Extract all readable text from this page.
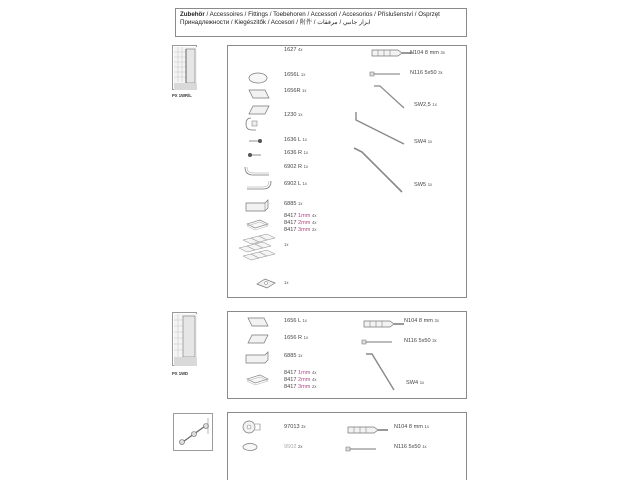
Zubehör / Accessoires / Fittings / Toebehoren / Accessori / Accesorios / Příslušenství / Osprzęt
Принадлежности / Kiegészitők / Accesori / 附件 / ابزار جانبي / مرفقات
PX 1WR/L
1627 4x
1656L 1x
1656R 1x
1230 1x
1636 L 1x
1636 R 1x
6902 R 1x
6902 L 1x
6885 1x
8417 1mm 4x
8417 2mm 4x
8417 3mm 2x
1x
1x
N104 8 mm 3x
N116 5x50 3x
SW2,5 1x
SW4 1x
SW5 1x
PX 1WD
1656 L 1x
1656 R 1x
6885 1x
8417 1mm 4x
8417 2mm 4x
8417 3mm 2x
N104 8 mm 3x
N116 5x50 3x
SW4 1x
97013 3x
9502 2x
N104 8 mm 1x
N116 5x50 1x
